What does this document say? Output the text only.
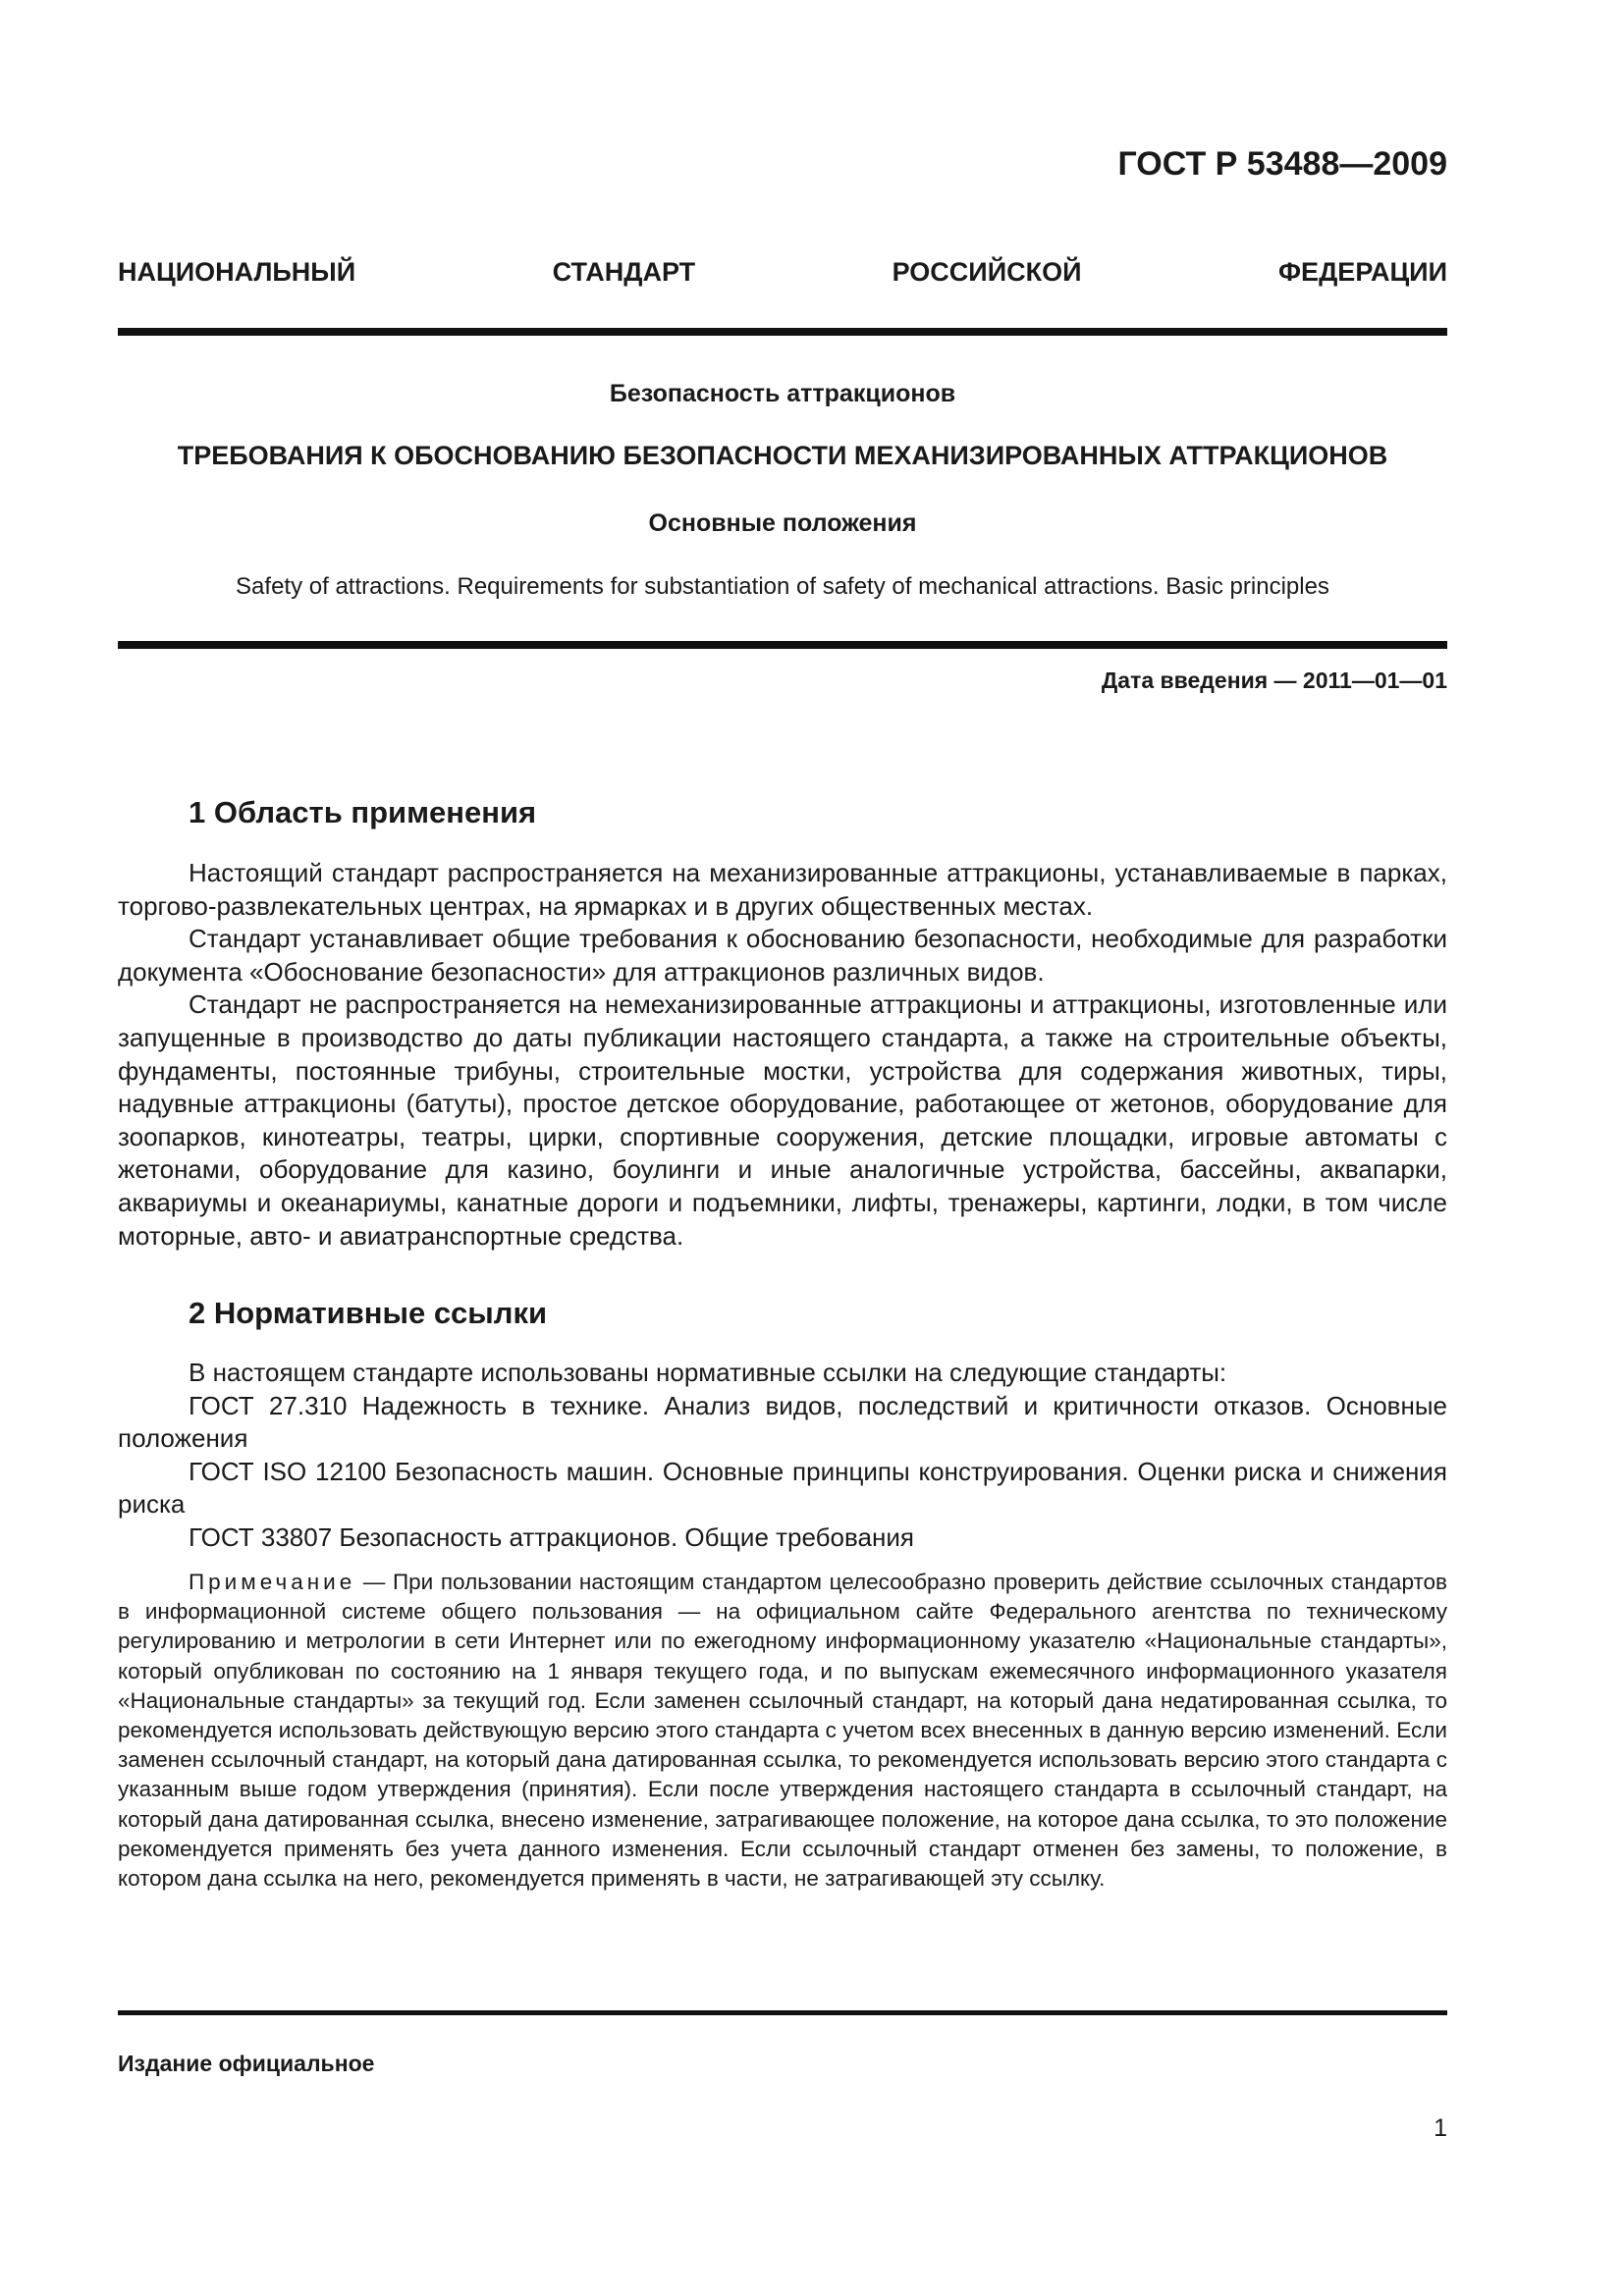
ГОСТ Р 53488—2009
НАЦИОНАЛЬНЫЙ	СТАНДАРТ	РОССИЙСКОЙ	ФЕДЕРАЦИИ
Безопасность аттракционов
ТРЕБОВАНИЯ К ОБОСНОВАНИЮ БЕЗОПАСНОСТИ МЕХАНИЗИРОВАННЫХ АТТРАКЦИОНОВ
Основные положения
Safety of attractions. Requirements for substantiation of safety of mechanical attractions. Basic principles
Дата введения — 2011—01—01
1 Область применения

Настоящий стандарт распространяется на механизированные аттракционы, устанавливаемые в парках, торгово-развлекательных центрах, на ярмарках и в других общественных местах.

Стандарт устанавливает общие требования к обоснованию безопасности, необходимые для разработки документа «Обоснование безопасности» для аттракционов различных видов.

Стандарт не распространяется на немеханизированные аттракционы и аттракционы, изготовленные или запущенные в производство до даты публикации настоящего стандарта, а также на строительные объекты, фундаменты, постоянные трибуны, строительные мостки, устройства для содержания животных, тиры, надувные аттракционы (батуты), простое детское оборудование, работающее от жетонов, оборудование для зоопарков, кинотеатры, театры, цирки, спортивные сооружения, детские площадки, игровые автоматы с жетонами, оборудование для казино, боулинги и иные аналогичные устройства, бассейны, аквапарки, аквариумы и океанариумы, канатные дороги и подъемники, лифты, тренажеры, картинги, лодки, в том числе моторные, авто- и авиатранспортные средства.

2 Нормативные ссылки

В настоящем стандарте использованы нормативные ссылки на следующие стандарты:

ГОСТ 27.310 Надежность в технике. Анализ видов, последствий и критичности отказов. Основные положения

ГОСТ ISO 12100 Безопасность машин. Основные принципы конструирования. Оценки риска и снижения риска

ГОСТ 33807 Безопасность аттракционов. Общие требования

Примечание — При пользовании настоящим стандартом целесообразно проверить действие ссылочных стандартов в информационной системе общего пользования — на официальном сайте Федерального агентства по техническому регулированию и метрологии в сети Интернет или по ежегодному информационному указателю «Национальные стандарты», который опубликован по состоянию на 1 января текущего года, и по выпускам ежемесячного информационного указателя «Национальные стандарты» за текущий год. Если заменен ссылочный стандарт, на который дана недатированная ссылка, то рекомендуется использовать действующую версию этого стандарта с учетом всех внесенных в данную версию изменений. Если заменен ссылочный стандарт, на который дана датированная ссылка, то рекомендуется использовать версию этого стандарта с указанным выше годом утверждения (принятия). Если после утверждения настоящего стандарта в ссылочный стандарт, на который дана датированная ссылка, внесено изменение, затрагивающее положение, на которое дана ссылка, то это положение рекомендуется применять без учета данного изменения. Если ссылочный стандарт отменен без замены, то положение, в котором дана ссылка на него, рекомендуется применять в части, не затрагивающей эту ссылку.
Издание официальное
1
